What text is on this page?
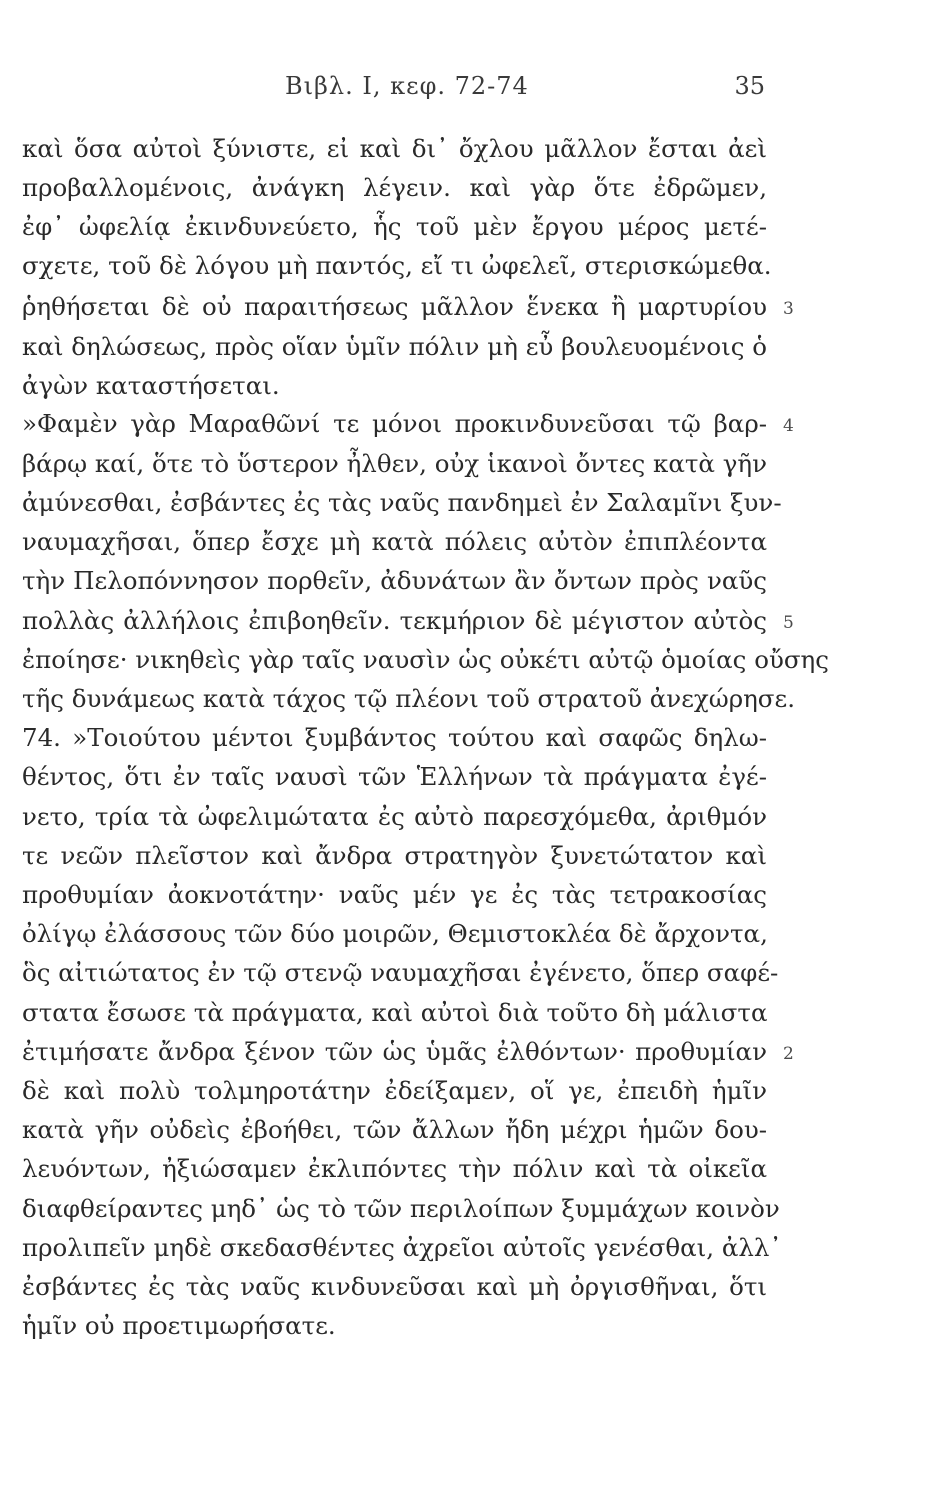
Βιβλ. Ι, κεφ. 72-74	35
καὶ ὅσα αὐτοὶ ξύνιστε, εἰ καὶ δι᾽ ὄχλου μᾶλλον ἔσται ἀεὶ
προβαλλομένοις, ἀνάγκη λέγειν. καὶ γὰρ ὅτε ἐδρῶμεν,
ἐφ᾽ ὠφελίᾳ ἐκινδυνεύετο, ἧς τοῦ μὲν ἔργου μέρος μετέ-
σχετε, τοῦ δὲ λόγου μὴ παντός, εἴ τι ὠφελεῖ, στερισκώμεθα.
ῥηθήσεται δὲ οὐ παραιτήσεως μᾶλλον ἕνεκα ἢ μαρτυρίου
καὶ δηλώσεως, πρὸς οἵαν ὑμῖν πόλιν μὴ εὖ βουλευομένοις ὁ
ἀγὼν καταστήσεται.
»Φαμὲν γὰρ Μαραθῶνί τε μόνοι προκινδυνεῦσαι τῷ βαρ-
βάρῳ καί, ὅτε τὸ ὕστερον ἦλθεν, οὐχ ἱκανοὶ ὄντες κατὰ γῆν
ἀμύνεσθαι, ἐσβάντες ἐς τὰς ναῦς πανδημεὶ ἐν Σαλαμῖνι ξυν-
ναυμαχῆσαι, ὅπερ ἔσχε μὴ κατὰ πόλεις αὐτὸν ἐπιπλέοντα
τὴν Πελοπόννησον πορθεῖν, ἀδυνάτων ἂν ὄντων πρὸς ναῦς
πολλὰς ἀλλήλοις ἐπιβοηθεῖν. τεκμήριον δὲ μέγιστον αὐτὸς
ἐποίησε· νικηθεὶς γὰρ ταῖς ναυσὶν ὡς οὐκέτι αὐτῷ ὁμοίας οὔσης
τῆς δυνάμεως κατὰ τάχος τῷ πλέονι τοῦ στρατοῦ ἀνεχώρησε.
74. »Τοιούτου μέντοι ξυμβάντος τούτου καὶ σαφῶς δηλω-
θέντος, ὅτι ἐν ταῖς ναυσὶ τῶν Ἑλλήνων τὰ πράγματα ἐγέ-
νετο, τρία τὰ ὠφελιμώτατα ἐς αὐτὸ παρεσχόμεθα, ἀριθμόν
τε νεῶν πλεῖστον καὶ ἄνδρα στρατηγὸν ξυνετώτατον καὶ
προθυμίαν ἀοκνοτάτην· ναῦς μέν γε ἐς τὰς τετρακοσίας
ὀλίγῳ ἐλάσσους τῶν δύο μοιρῶν, Θεμιστοκλέα δὲ ἄρχοντα,
ὃς αἰτιώτατος ἐν τῷ στενῷ ναυμαχῆσαι ἐγένετο, ὅπερ σαφέ-
στατα ἔσωσε τὰ πράγματα, καὶ αὐτοὶ διὰ τοῦτο δὴ μάλιστα
ἐτιμήσατε ἄνδρα ξένον τῶν ὡς ὑμᾶς ἐλθόντων· προθυμίαν
δὲ καὶ πολὺ τολμηροτάτην ἐδείξαμεν, οἵ γε, ἐπειδὴ ἡμῖν
κατὰ γῆν οὐδεὶς ἐβοήθει, τῶν ἄλλων ἤδη μέχρι ἡμῶν δου-
λευόντων, ἠξιώσαμεν ἐκλιπόντες τὴν πόλιν καὶ τὰ οἰκεῖα
διαφθείραντες μηδ᾽ ὡς τὸ τῶν περιλοίπων ξυμμάχων κοινὸν
προλιπεῖν μηδὲ σκεδασθέντες ἀχρεῖοι αὐτοῖς γενέσθαι, ἀλλ᾽
ἐσβάντες ἐς τὰς ναῦς κινδυνεῦσαι καὶ μὴ ὀργισθῆναι, ὅτι
ἡμῖν οὐ προετιμωρήσατε.
3
4
5
2
